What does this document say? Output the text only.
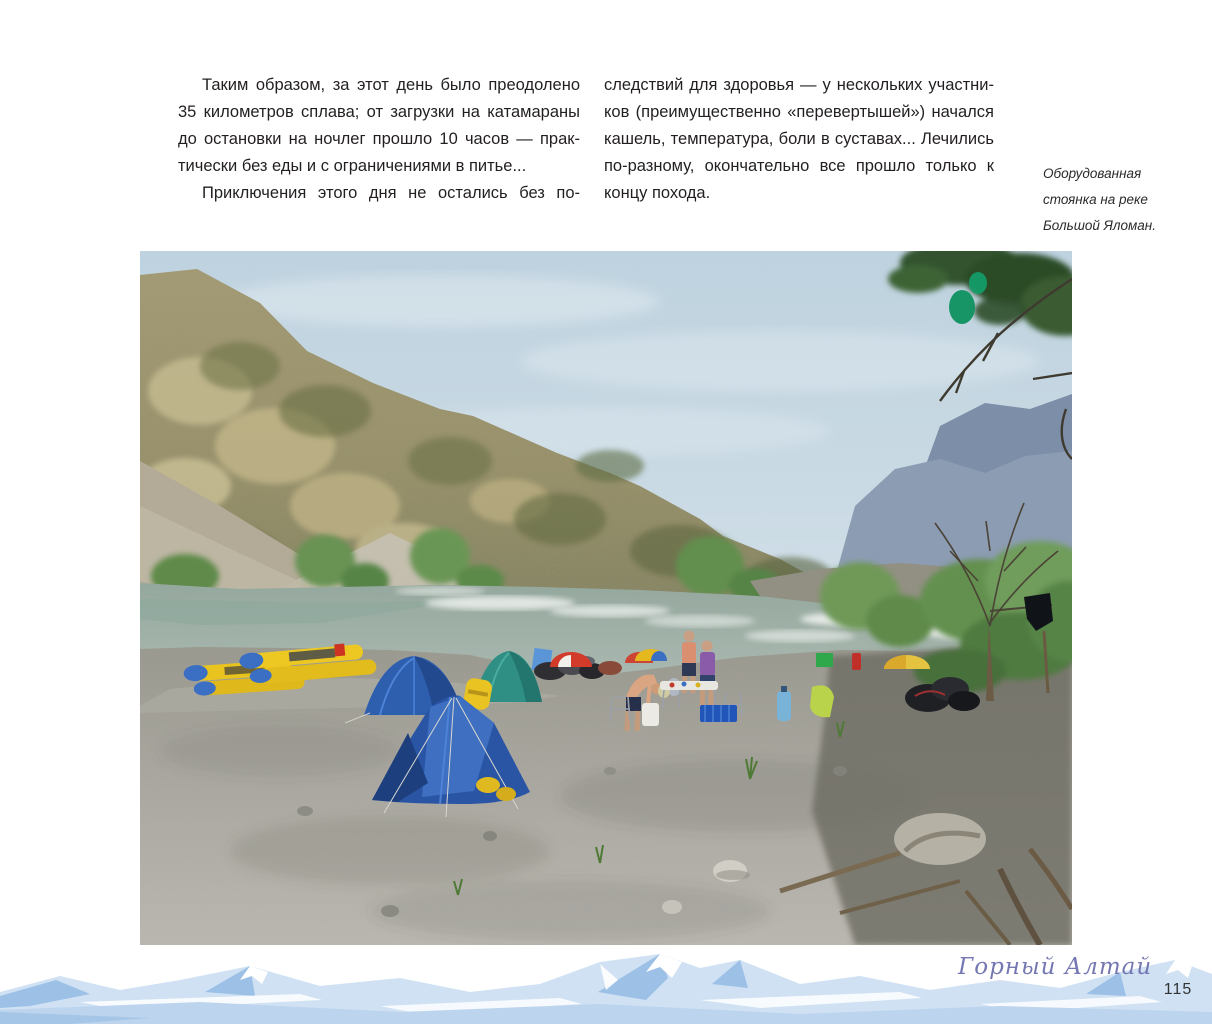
Таким образом, за этот день было преодолено
35 километров сплава; от загрузки на катамараны
до остановки на ночлег прошло 10 часов — прак-
тически без еды и с ограничениями в питье...
Приключения этого дня не остались без по-
следствий для здоровья — у нескольких участни-
ков (преимущественно «перевертышей») начался
кашель, температура, боли в суставах... Лечились
по-разному, окончательно все прошло только к
концу похода.
Оборудованная стоянка на реке Большой Яломан.
Горный Алтай
115
